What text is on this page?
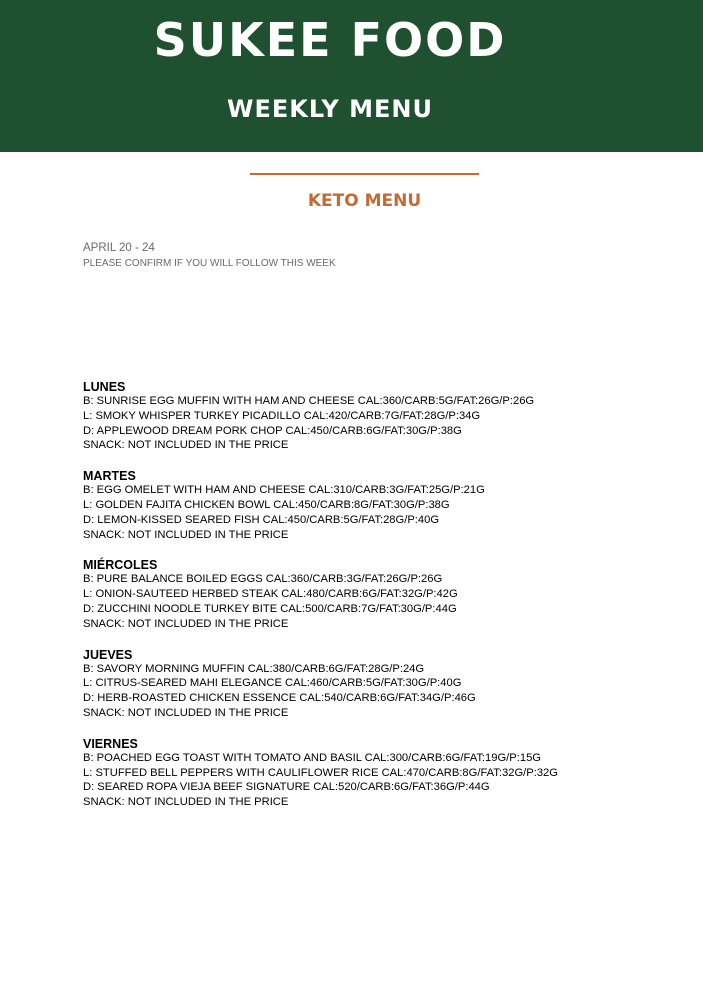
SUKEE FOOD
WEEKLY MENU
KETO MENU
APRIL 20 - 24
PLEASE CONFIRM IF YOU WILL FOLLOW THIS WEEK
LUNES
B: SUNRISE EGG MUFFIN WITH HAM AND CHEESE CAL:360/CARB:5G/FAT:26G/P:26G
L: SMOKY WHISPER TURKEY PICADILLO CAL:420/CARB:7G/FAT:28G/P:34G
D: APPLEWOOD DREAM PORK CHOP CAL:450/CARB:6G/FAT:30G/P:38G
SNACK: NOT INCLUDED IN THE PRICE
MARTES
B: EGG OMELET WITH HAM AND CHEESE CAL:310/CARB:3G/FAT:25G/P:21G
L: GOLDEN FAJITA CHICKEN BOWL CAL:450/CARB:8G/FAT:30G/P:38G
D: LEMON-KISSED SEARED FISH CAL:450/CARB:5G/FAT:28G/P:40G
SNACK: NOT INCLUDED IN THE PRICE
MIÉRCOLES
B: PURE BALANCE BOILED EGGS CAL:360/CARB:3G/FAT:26G/P:26G
L: ONION-SAUTEED HERBED STEAK CAL:480/CARB:6G/FAT:32G/P:42G
D: ZUCCHINI NOODLE TURKEY BITE CAL:500/CARB:7G/FAT:30G/P:44G
SNACK: NOT INCLUDED IN THE PRICE
JUEVES
B: SAVORY MORNING MUFFIN CAL:380/CARB:6G/FAT:28G/P:24G
L: CITRUS-SEARED MAHI ELEGANCE CAL:460/CARB:5G/FAT:30G/P:40G
D: HERB-ROASTED CHICKEN ESSENCE CAL:540/CARB:6G/FAT:34G/P:46G
SNACK: NOT INCLUDED IN THE PRICE
VIERNES
B: POACHED EGG TOAST WITH TOMATO AND BASIL CAL:300/CARB:6G/FAT:19G/P:15G
L: STUFFED BELL PEPPERS WITH CAULIFLOWER RICE CAL:470/CARB:8G/FAT:32G/P:32G
D: SEARED ROPA VIEJA BEEF SIGNATURE CAL:520/CARB:6G/FAT:36G/P:44G
SNACK: NOT INCLUDED IN THE PRICE
